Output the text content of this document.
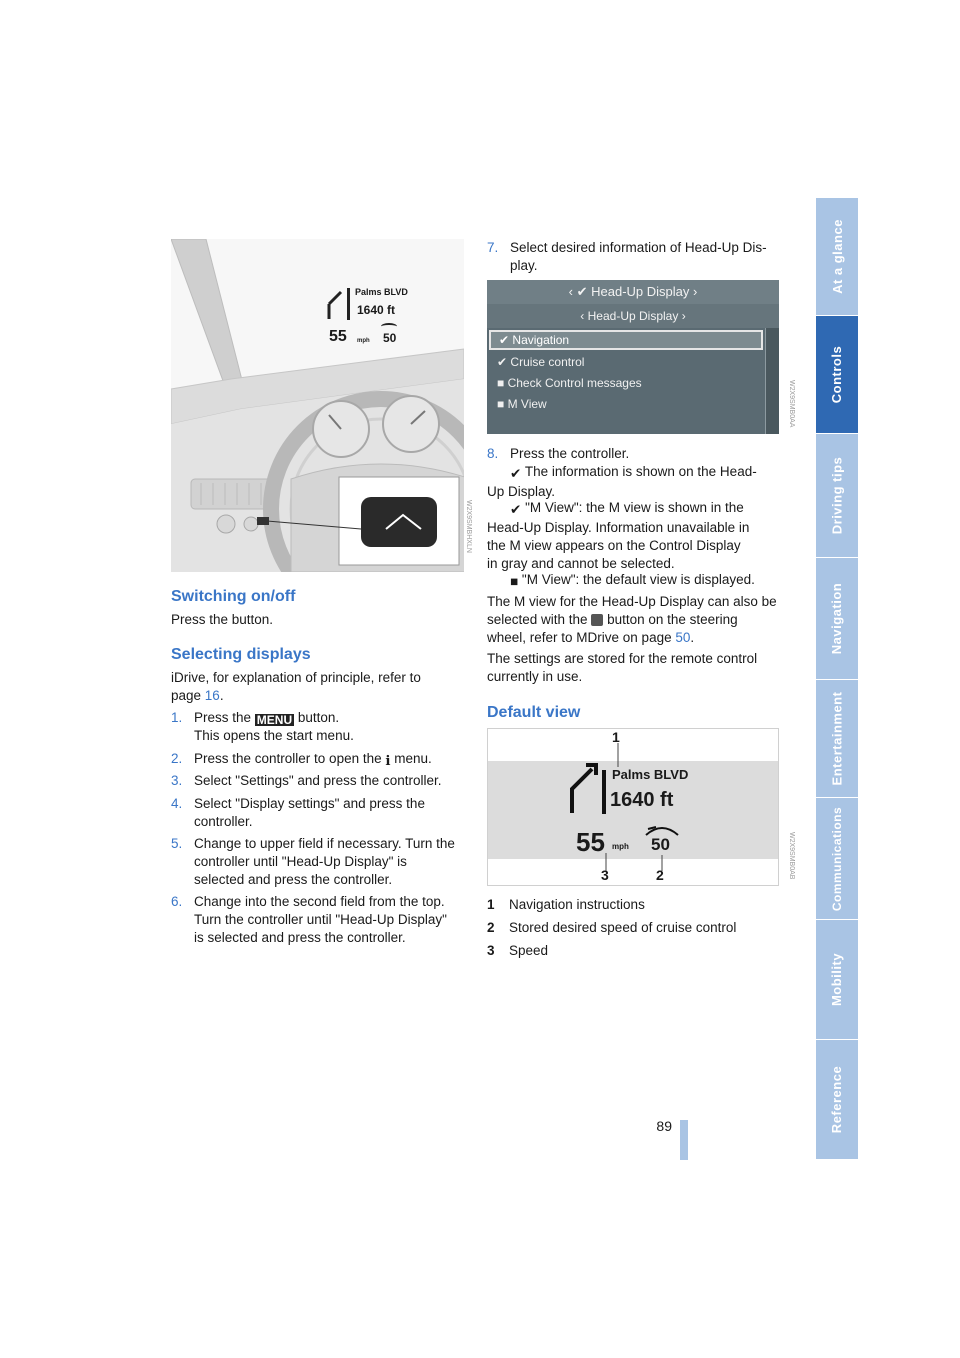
At a glance
Controls
Driving tips
Navigation
Entertainment
Communications
Mobility
Reference
89
Palms BLVD
1640 ft
55 mph 50
W2X9SMBHXLN
Switching on/off
Press the button.
Selecting displays
iDrive, for explanation of principle, refer to
page 16.
1. Press the MENU button.
This opens the start menu.
2. Press the controller to open the ℹ menu.
3. Select "Settings" and press the controller.
4. Select "Display settings" and press the
controller.
5. Change to upper field if necessary. Turn the
controller until "Head-Up Display" is
selected and press the controller.
6. Change into the second field from the top.
Turn the controller until "Head-Up Display"
is selected and press the controller.
7. Select desired information of Head-Up Dis-
play.
‹ ✔ Head-Up Display ›
‹ Head-Up Display ›
✔ Navigation
✔ Cruise control
■ Check Control messages
■ M View	W2X9SMB0AA
8. Press the controller.
✔ The information is shown on the Head-
Up Display.
✔ "M View": the M view is shown in the
Head-Up Display. Information unavailable in
the M view appears on the Control Display
in gray and cannot be selected.
■ "M View": the default view is displayed.
The M view for the Head-Up Display can also be
selected with the  button on the steering
wheel, refer to MDrive on page 50.
The settings are stored for the remote control
currently in use.
Default view
1
Palms BLVD
1640 ft
55 mph 50
2
3	W2X9SMB0AB
1 Navigation instructions
2 Stored desired speed of cruise control
3 Speed
